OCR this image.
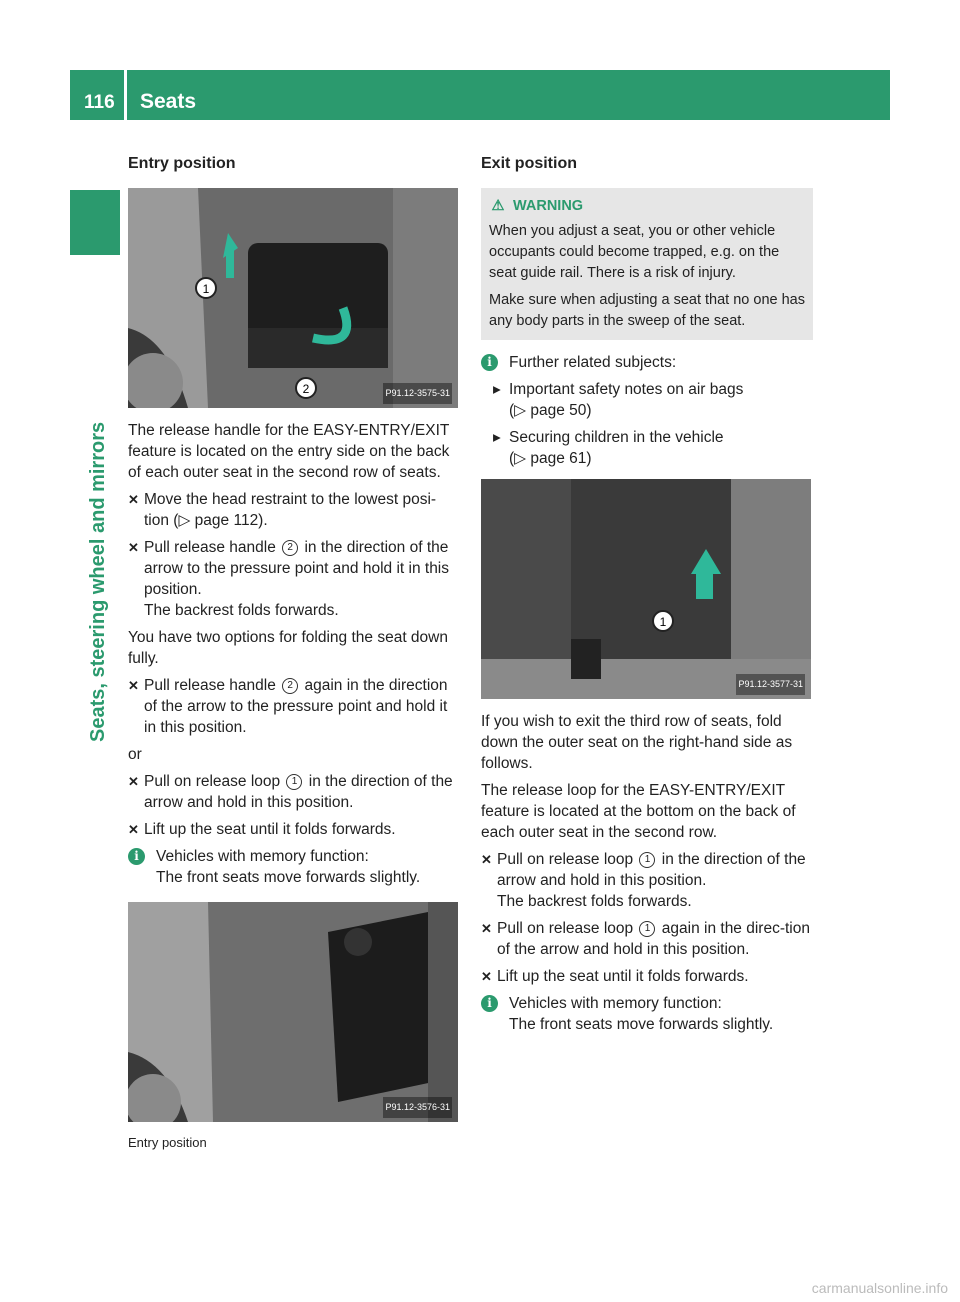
116 Seats
Seats, steering wheel and mirrors
Entry position
1
2	P91.12-3575-31

The release handle for the EASY-ENTRY/EXIT feature is located on the entry side on the back of each outer seat in the second row of seats.

✕ Move the head restraint to the lowest posi-tion (▷ page 112).
✕ Pull release handle 2 in the direction of the arrow to the pressure point and hold it in this position.
The backrest folds forwards.

You have two options for folding the seat down fully.

✕ Pull release handle 2 again in the direction of the arrow to the pressure point and hold it in this position.

or

✕ Pull on release loop 1 in the direction of the arrow and hold in this position.
✕ Lift up the seat until it folds forwards.
i	Vehicles with memory function:
The front seats move forwards slightly.
P91.12-3576-31
Entry position
Exit position
⚠ WARNING

When you adjust a seat, you or other vehicle occupants could become trapped, e.g. on the seat guide rail. There is a risk of injury.

Make sure when adjusting a seat that no one has any body parts in the sweep of the seat.

i	Further related subjects:
▸ Important safety notes on air bags
(▷ page 50)
▸ Securing children in the vehicle
(▷ page 61)
1
P91.12-3577-31

If you wish to exit the third row of seats, fold down the outer seat on the right-hand side as follows.

The release loop for the EASY-ENTRY/EXIT feature is located at the bottom on the back of each outer seat in the second row.

✕ Pull on release loop 1 in the direction of the arrow and hold in this position.
The backrest folds forwards.
✕ Pull on release loop 1 again in the direc-tion of the arrow and hold in this position.
✕ Lift up the seat until it folds forwards.
i	Vehicles with memory function:
The front seats move forwards slightly.
carmanualsonline.info
